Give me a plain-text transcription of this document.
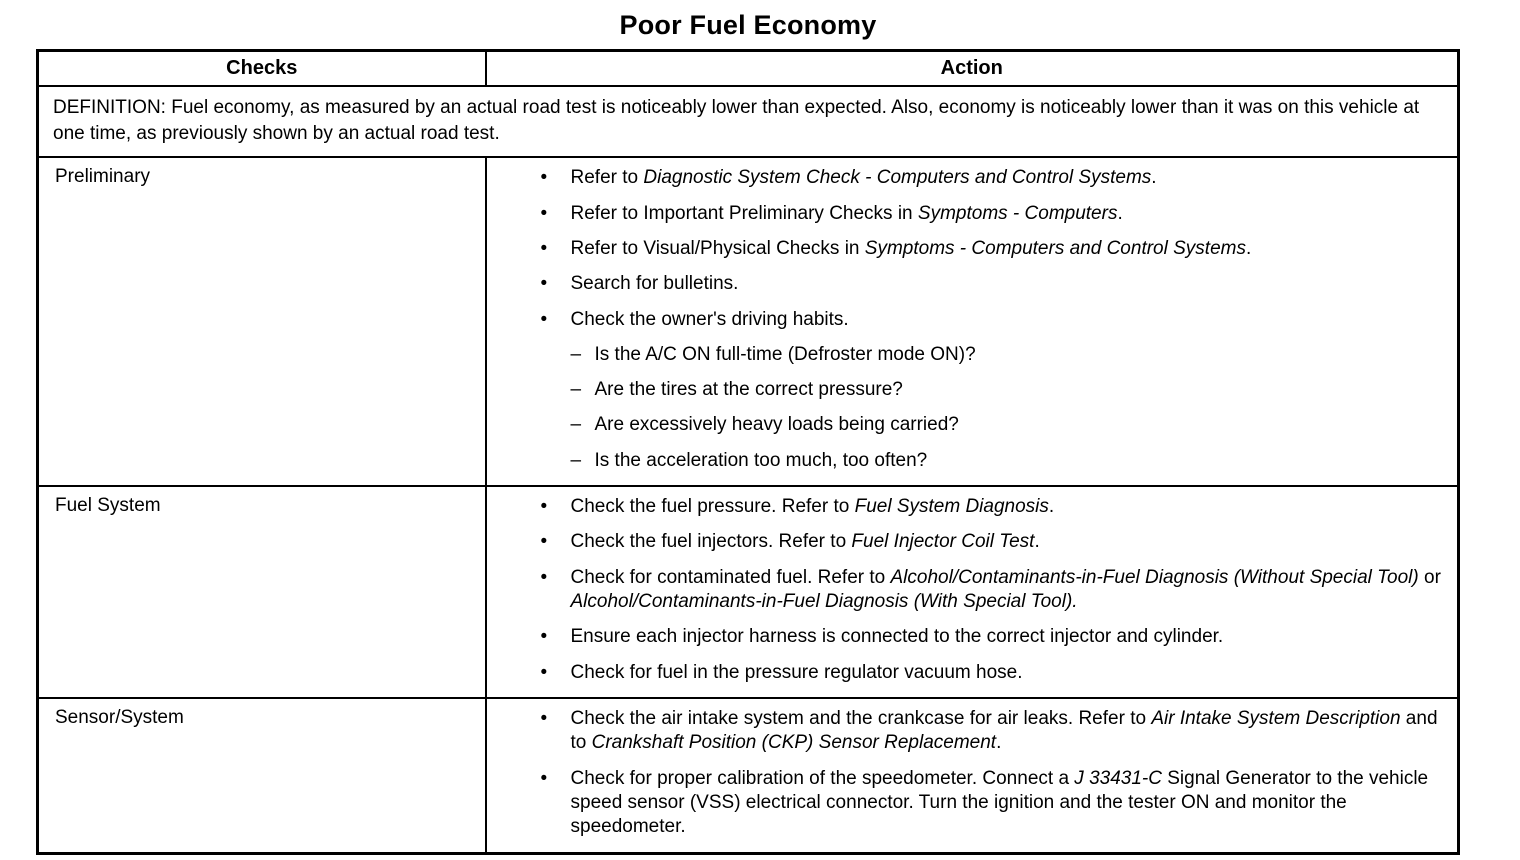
Poor Fuel Economy
Checks	Action
DEFINITION: Fuel economy, as measured by an actual road test is noticeably lower than expected. Also, economy is noticeably lower than it was on this vehicle at one time, as previously shown by an actual road test.	
Preliminary	•	Refer to Diagnostic System Check - Computers and Control Systems.
•	Refer to Important Preliminary Checks in Symptoms - Computers.
•	Refer to Visual/Physical Checks in Symptoms - Computers and Control Systems.
•	Search for bulletins.
•	Check the owner's driving habits.
– Is the A/C ON full-time (Defroster mode ON)?
– Are the tires at the correct pressure?
– Are excessively heavy loads being carried?
– Is the acceleration too much, too often?

Fuel System	•	Check the fuel pressure. Refer to Fuel System Diagnosis.
•	Check the fuel injectors. Refer to Fuel Injector Coil Test.
•	Check for contaminated fuel. Refer to Alcohol/Contaminants-in-Fuel Diagnosis (Without Special Tool) or Alcohol/Contaminants-in-Fuel Diagnosis (With Special Tool).
•	Ensure each injector harness is connected to the correct injector and cylinder.
•	Check for fuel in the pressure regulator vacuum hose.

Sensor/System	• Check the air intake system and the crankcase for air leaks. Refer to Air Intake System Description and to Crankshaft Position (CKP) Sensor Replacement.
• Check for proper calibration of the speedometer. Connect a J 33431-C Signal Generator to the vehicle speed sensor (VSS) electrical connector. Turn the ignition and the tester ON and monitor the speedometer.
